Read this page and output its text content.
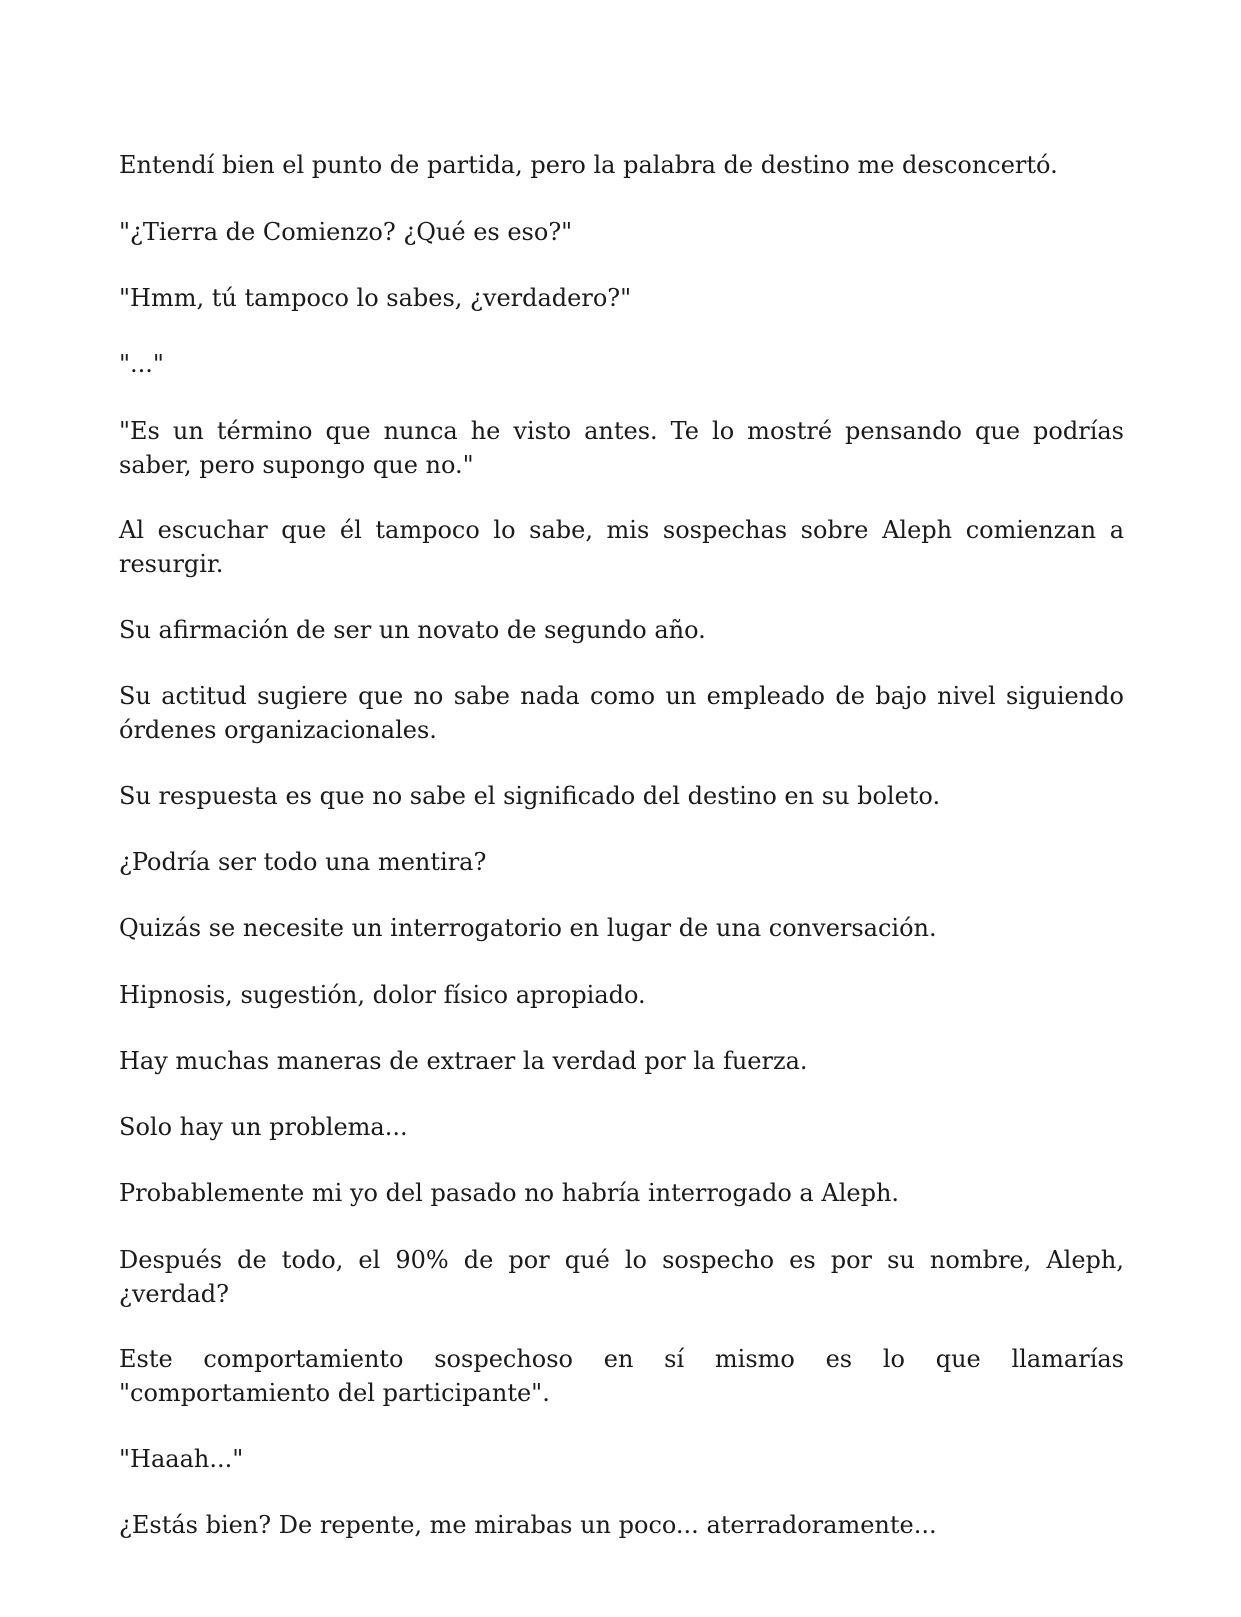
Entendí bien el punto de partida, pero la palabra de destino me desconcertó.

"¿Tierra de Comienzo? ¿Qué es eso?"

"Hmm, tú tampoco lo sabes, ¿verdadero?"

"..."

"Es un término que nunca he visto antes. Te lo mostré pensando que podrías saber, pero supongo que no."

Al escuchar que él tampoco lo sabe, mis sospechas sobre Aleph comienzan a resurgir.

Su afirmación de ser un novato de segundo año.

Su actitud sugiere que no sabe nada como un empleado de bajo nivel siguiendo órdenes organizacionales.

Su respuesta es que no sabe el significado del destino en su boleto.

¿Podría ser todo una mentira?

Quizás se necesite un interrogatorio en lugar de una conversación.

Hipnosis, sugestión, dolor físico apropiado.

Hay muchas maneras de extraer la verdad por la fuerza.

Solo hay un problema...

Probablemente mi yo del pasado no habría interrogado a Aleph.

Después de todo, el 90% de por qué lo sospecho es por su nombre, Aleph, ¿verdad?

Este comportamiento sospechoso en sí mismo es lo que llamarías "comportamiento del participante".

"Haaah..."

¿Estás bien? De repente, me mirabas un poco... aterradoramente...
